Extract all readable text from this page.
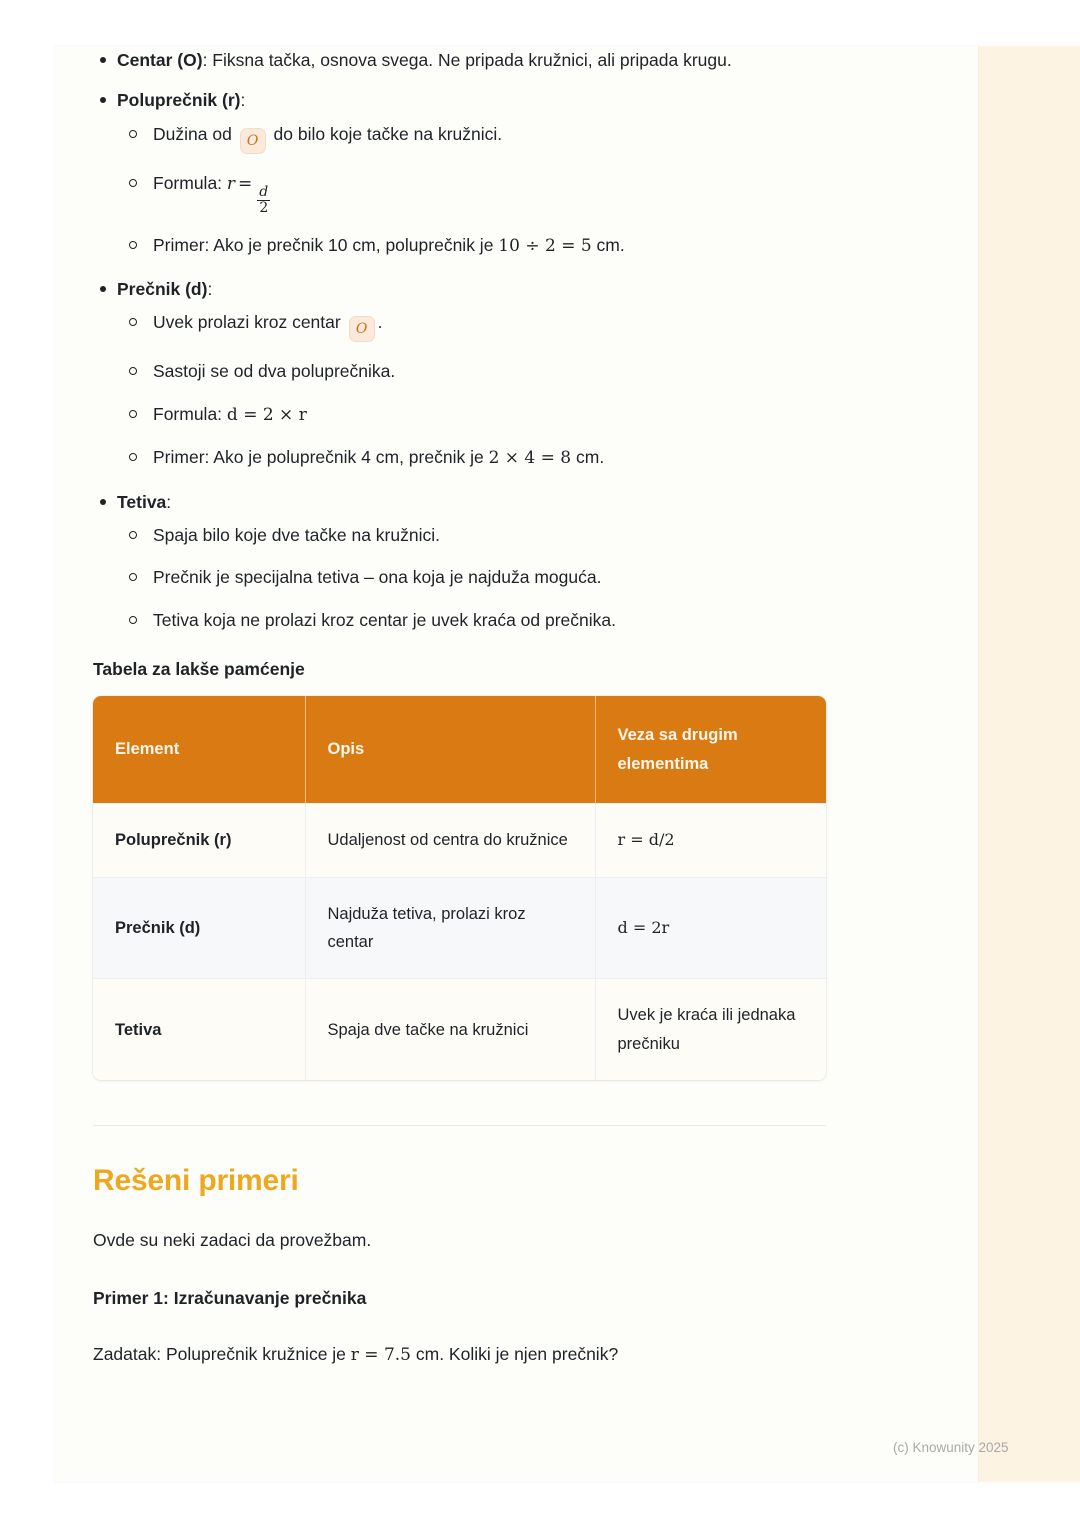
Centar (O): Fiksna tačka, osnova svega. Ne pripada kružnici, ali pripada krugu.

Poluprečnik (r):

Dužina od O do bilo koje tačke na kružnici.
Formula: r =
$\frac{d}{2}$
Primer: Ako je prečnik 10 cm, poluprečnik je 10 ÷ 2 = 5 cm.

Prečnik (d):

Uvek prolazi kroz centar O .
Sastoji se od dva poluprečnika.
Formula: d = 2 × r
Primer: Ako je poluprečnik 4 cm, prečnik je 2 × 4 = 8 cm.

Tetiva:

Spaja bilo koje dve tačke na kružnici.
Prečnik je specijalna tetiva – ona koja je najduža moguća.
Tetiva koja ne prolazi kroz centar je uvek kraća od prečnika.
Tabela za lakše pamćenje
Element	Opis	Veza sa drugim elementima
Poluprečnik (r)	Udaljenost od centra do kružnice	r = d/2
Prečnik (d)	Najduža tetiva, prolazi kroz centar	d = 2r
Tetiva	Spaja dve tačke na kružnici	Uvek je kraća ili jednaka prečniku
Rešeni primeri

Ovde su neki zadaci da provežbam.

Primer 1: Izračunavanje prečnika

Zadatak: Poluprečnik kružnice je r = 7.5 cm. Koliki je njen prečnik?

(c) Knowunity 2025
